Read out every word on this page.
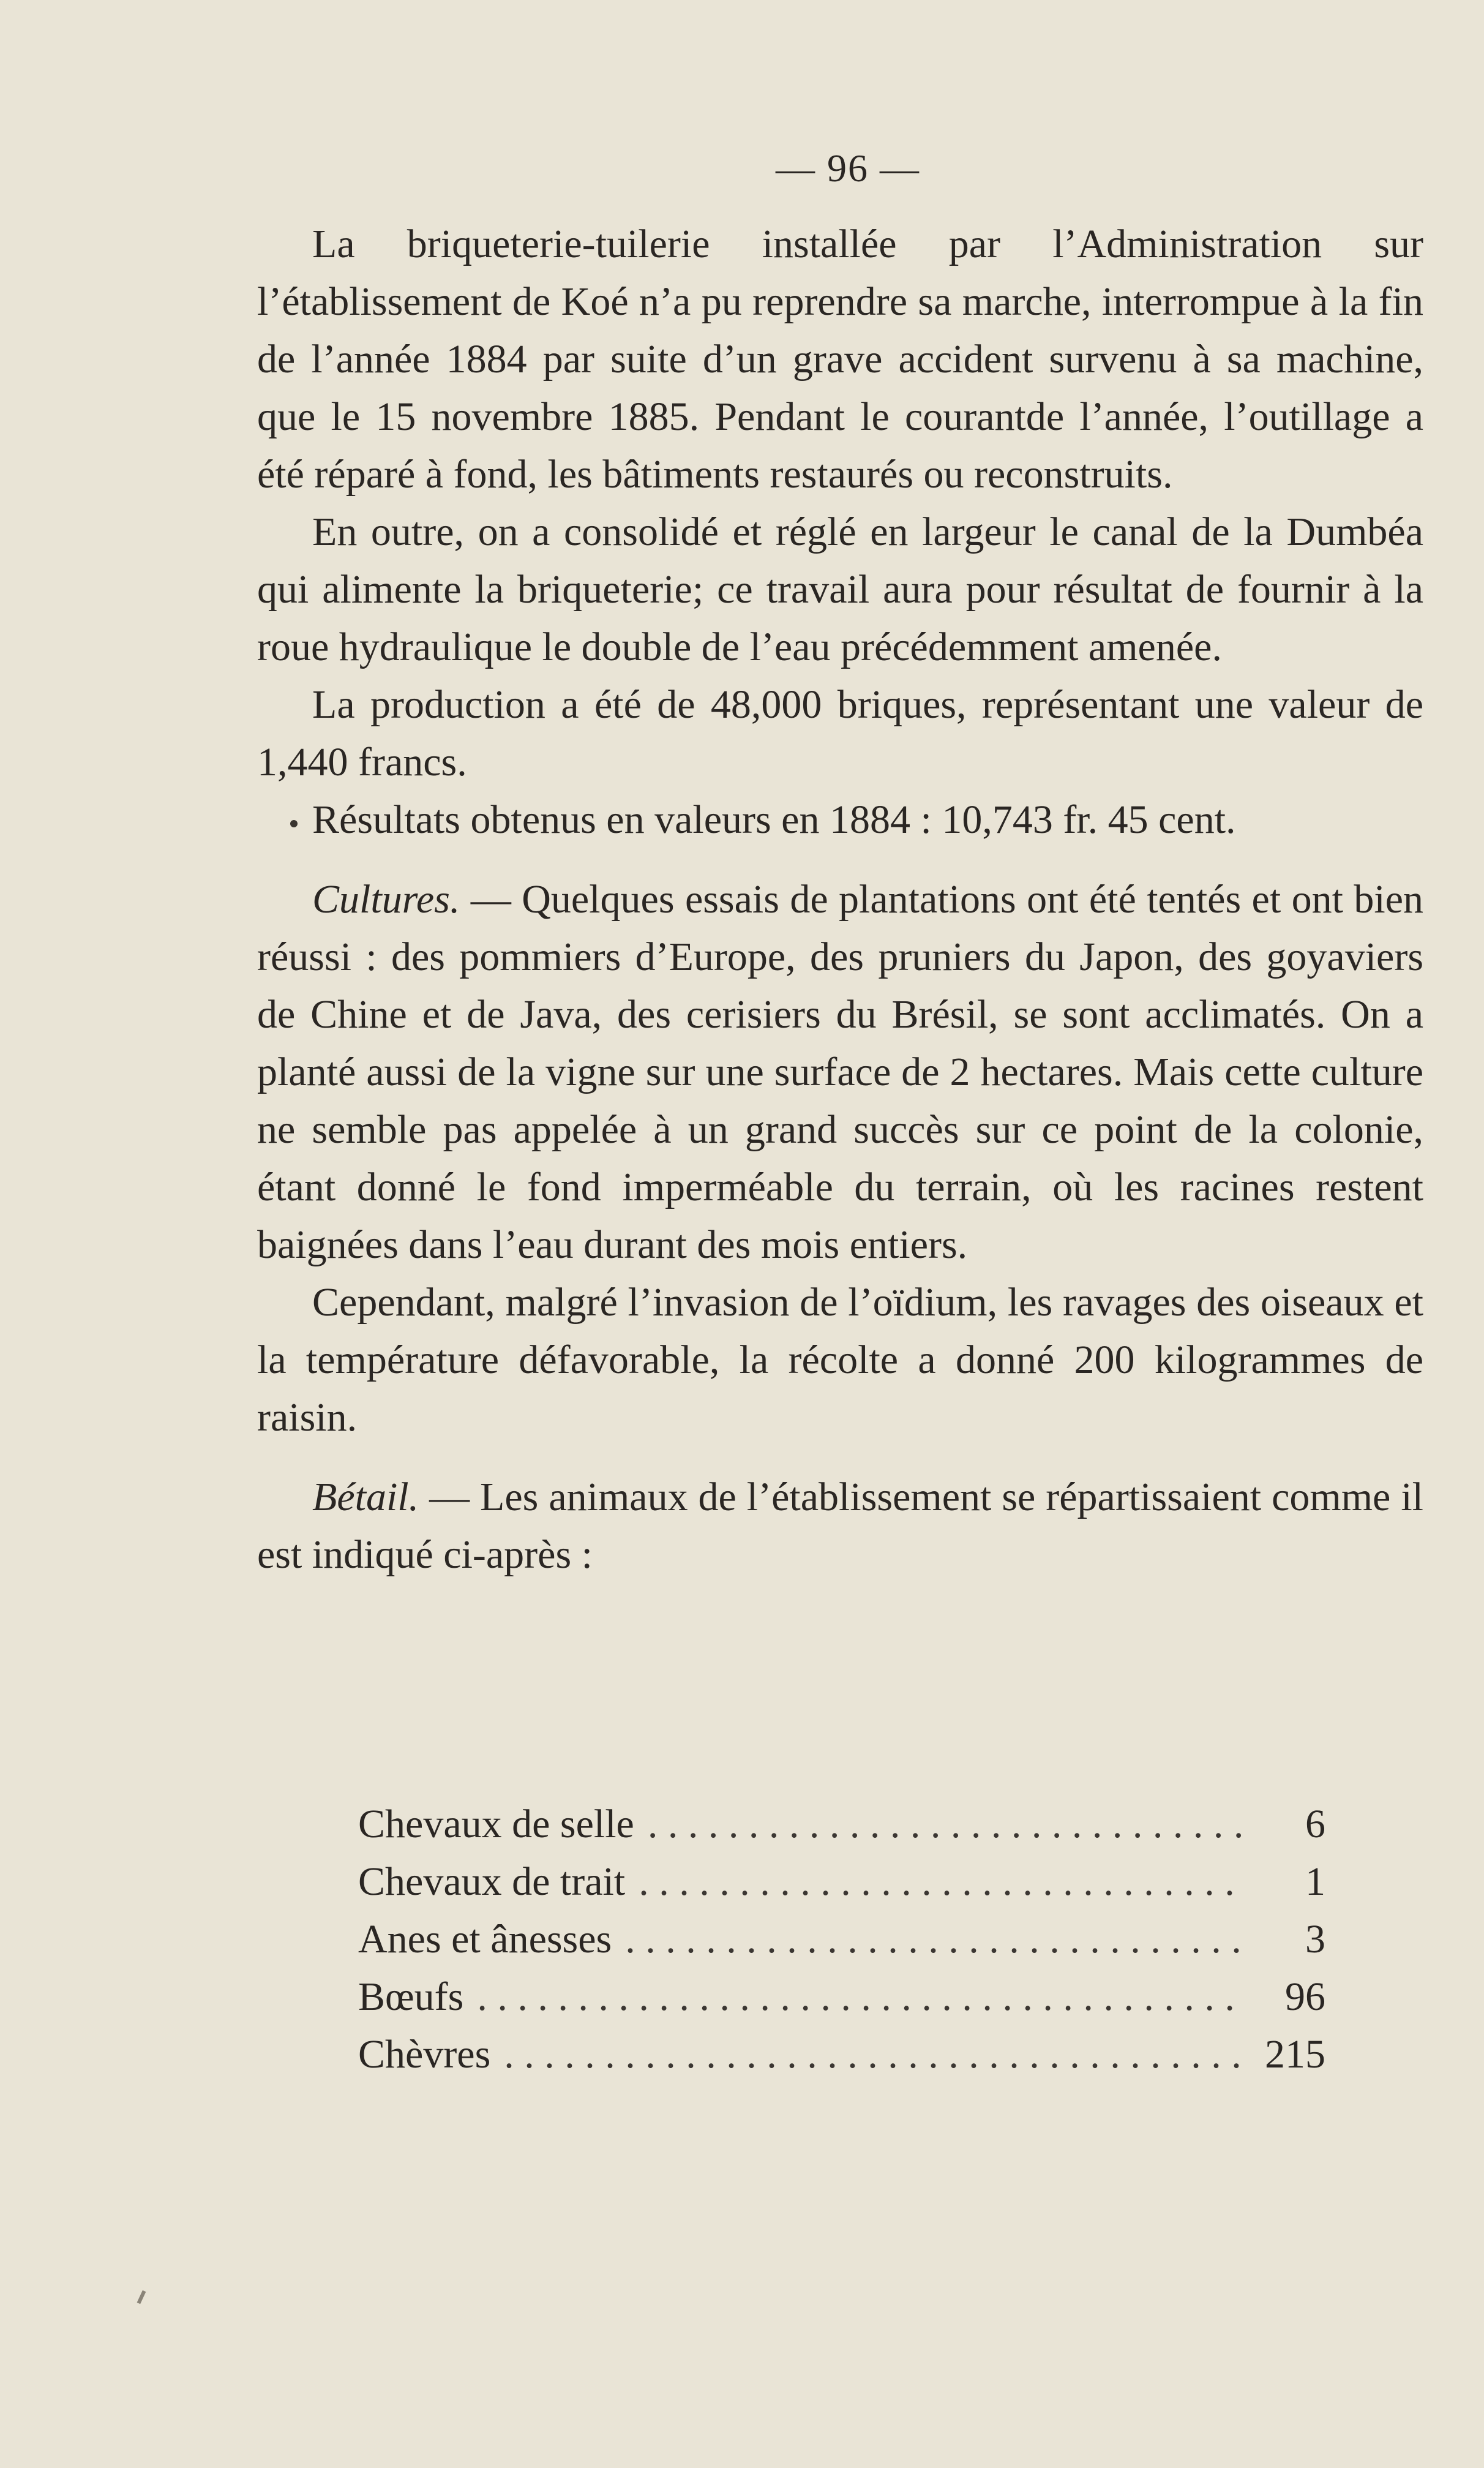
— 96 —

La briqueterie-tuilerie installée par l’Administration sur l’établissement de Koé n’a pu reprendre sa marche, interrompue à la fin de l’année 1884 par suite d’un grave accident survenu à sa machine, que le 15 novembre 1885. Pendant le courantde l’année, l’outillage a été réparé à fond, les bâtiments restaurés ou reconstruits.

En outre, on a consolidé et réglé en largeur le canal de la Dumbéa qui alimente la briqueterie; ce travail aura pour résultat de fournir à la roue hydraulique le double de l’eau précédemment amenée.

La production a été de 48,000 briques, représentant une valeur de 1,440 francs.

Résultats obtenus en valeurs en 1884 : 10,743 fr. 45 cent.

Cultures. — Quelques essais de plantations ont été tentés et ont bien réussi : des pommiers d’Europe, des pruniers du Japon, des goyaviers de Chine et de Java, des cerisiers du Brésil, se sont acclimatés. On a planté aussi de la vigne sur une surface de 2 hectares. Mais cette culture ne semble pas appelée à un grand succès sur ce point de la colonie, étant donné le fond imperméable du terrain, où les racines restent baignées dans l’eau durant des mois entiers.

Cependant, malgré l’invasion de l’oïdium, les ravages des oiseaux et la température défavorable, la récolte a donné 200 kilogrammes de raisin.

Bétail. — Les animaux de l’établissement se répartissaient comme il est indiqué ci-après :

Chevaux de selle . . .	6
Chevaux de trait . . .	1
Anes et ânesses . . .	3
Bœufs . . .	96
Chèvres . . .	215
